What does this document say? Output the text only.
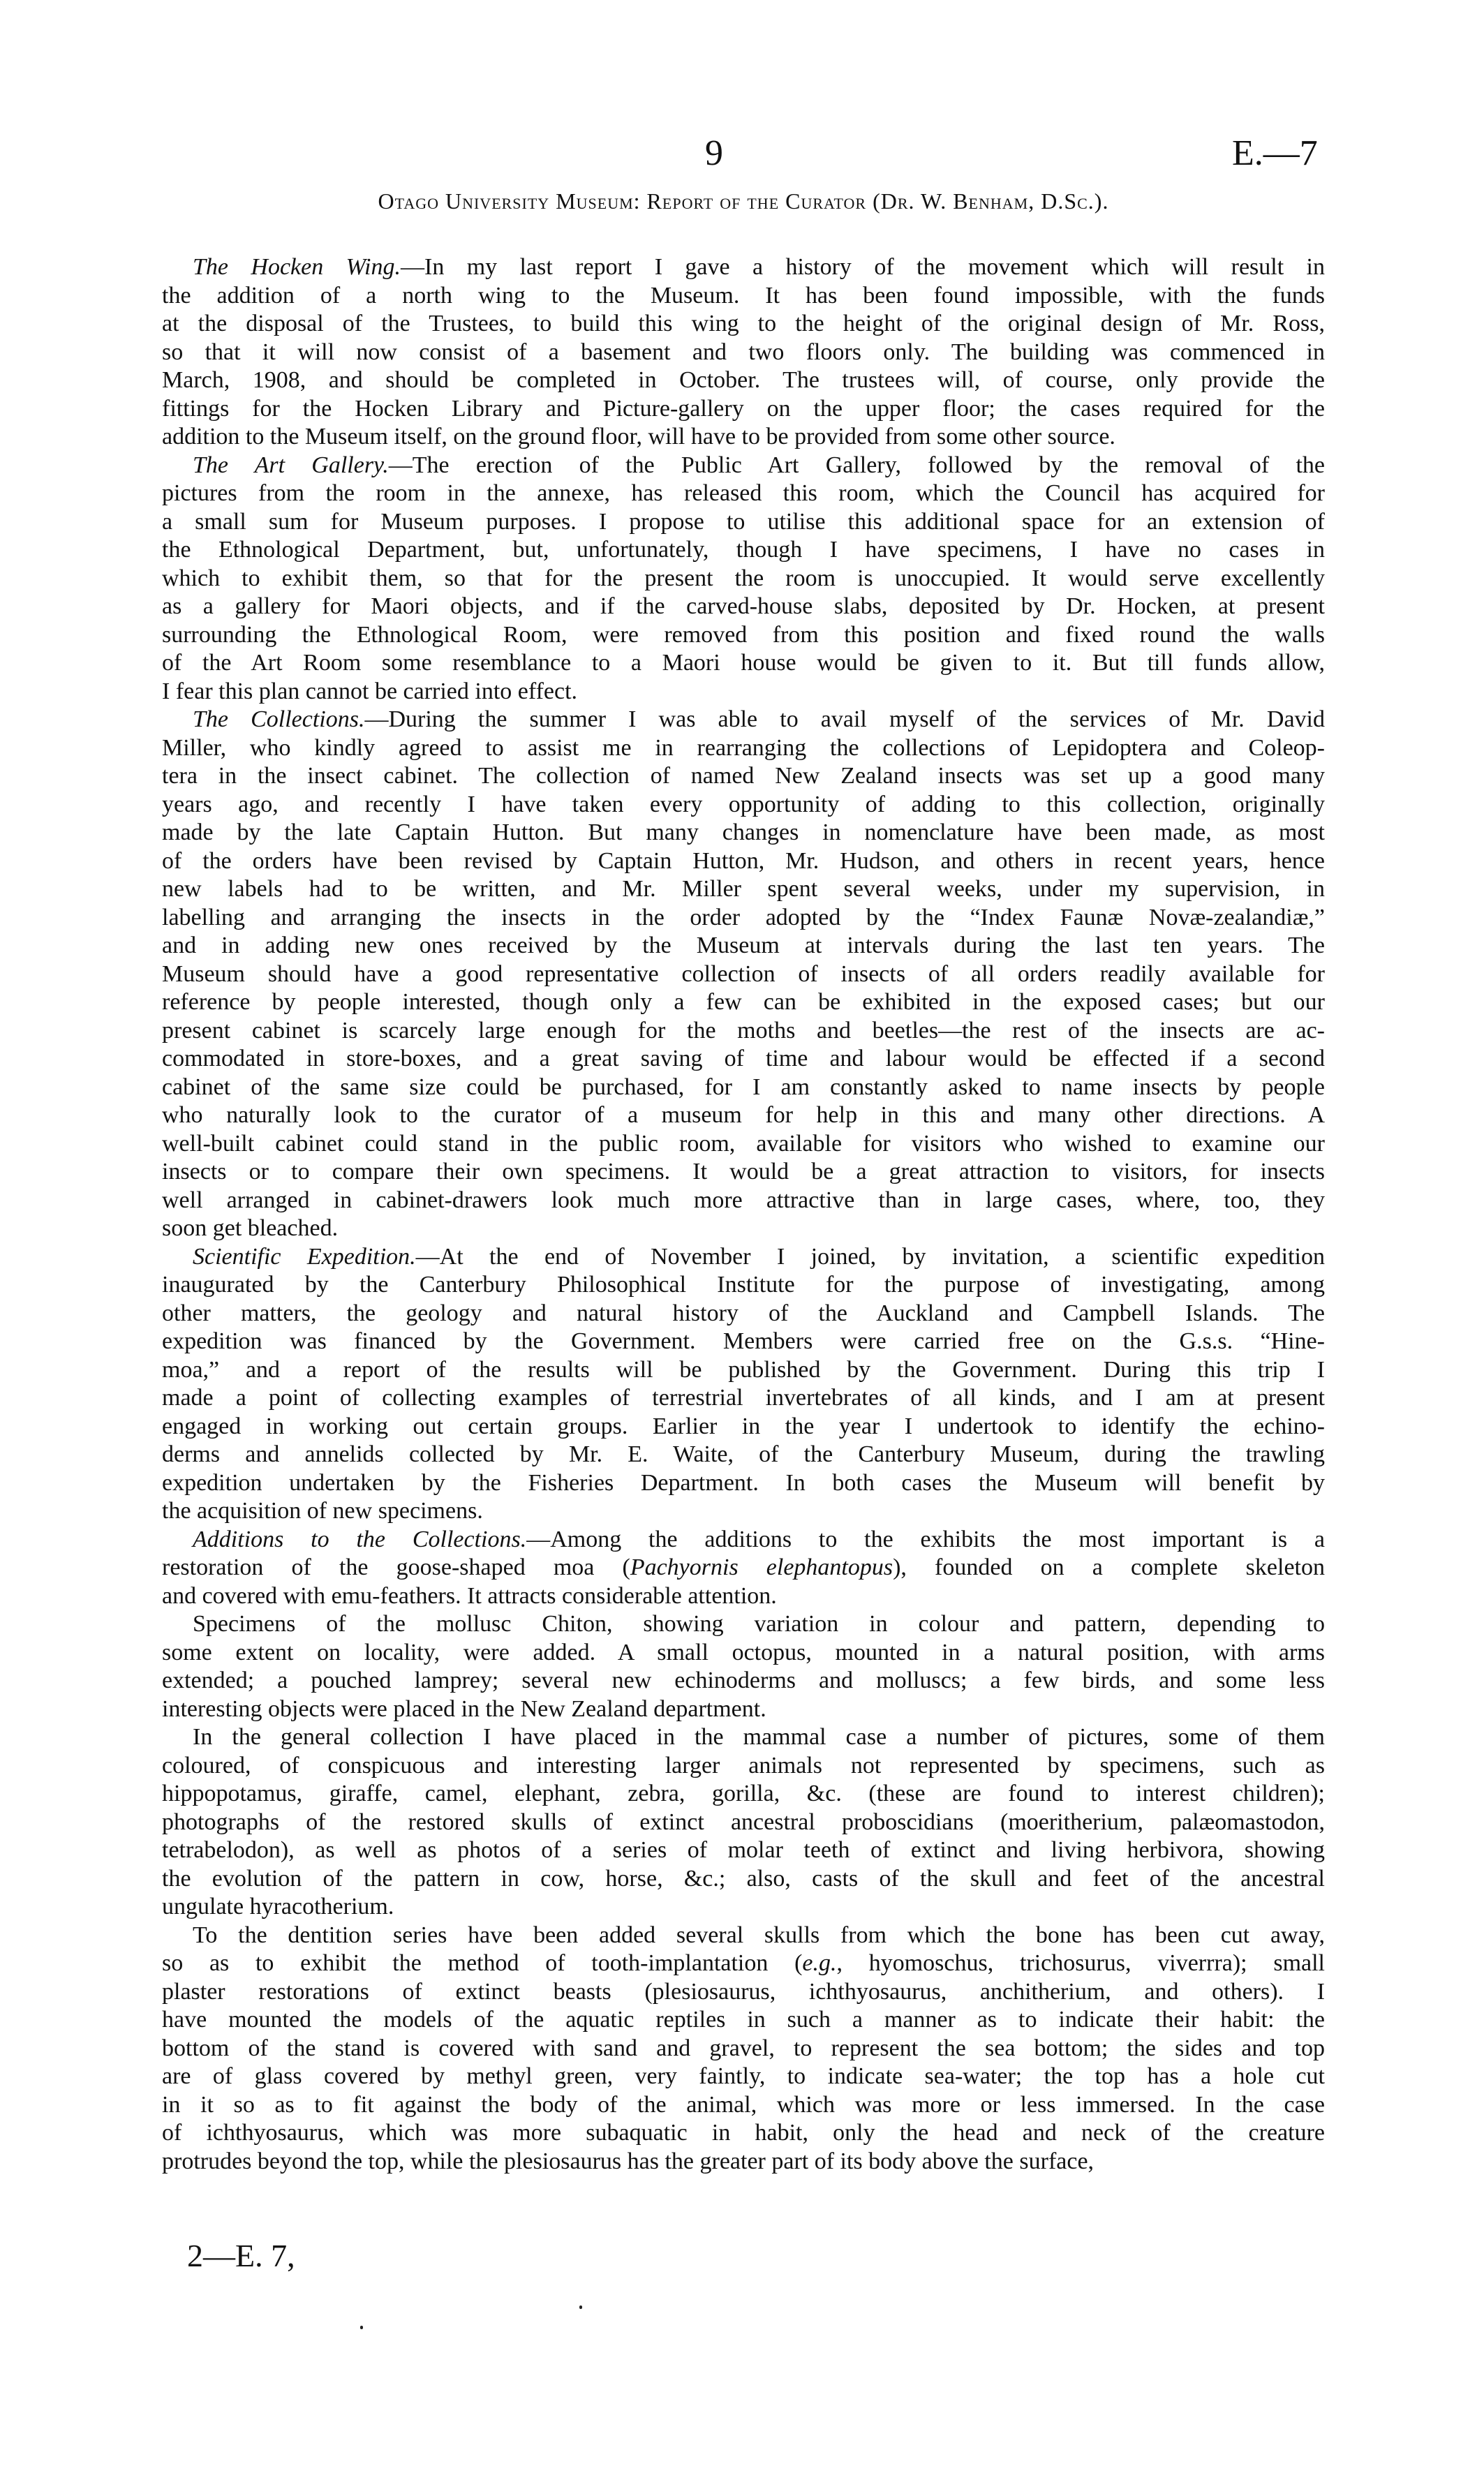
9	E.—7
Otago University Museum: Report of the Curator (Dr. W. Benham, D.Sc.).
The Hocken Wing.—In my last report I gave a history of the movement which will result in
the addition of a north wing to the Museum. It has been found impossible, with the funds
at the disposal of the Trustees, to build this wing to the height of the original design of Mr. Ross,
so that it will now consist of a basement and two floors only. The building was commenced in
March, 1908, and should be completed in October. The trustees will, of course, only provide the
fittings for the Hocken Library and Picture-gallery on the upper floor; the cases required for the
addition to the Museum itself, on the ground floor, will have to be provided from some other source.
The Art Gallery.—The erection of the Public Art Gallery, followed by the removal of the
pictures from the room in the annexe, has released this room, which the Council has acquired for
a small sum for Museum purposes. I propose to utilise this additional space for an extension of
the Ethnological Department, but, unfortunately, though I have specimens, I have no cases in
which to exhibit them, so that for the present the room is unoccupied. It would serve excellently
as a gallery for Maori objects, and if the carved-house slabs, deposited by Dr. Hocken, at present
surrounding the Ethnological Room, were removed from this position and fixed round the walls
of the Art Room some resemblance to a Maori house would be given to it. But till funds allow,
I fear this plan cannot be carried into effect.
The Collections.—During the summer I was able to avail myself of the services of Mr. David
Miller, who kindly agreed to assist me in rearranging the collections of Lepidoptera and Coleop-
tera in the insect cabinet. The collection of named New Zealand insects was set up a good many
years ago, and recently I have taken every opportunity of adding to this collection, originally
made by the late Captain Hutton. But many changes in nomenclature have been made, as most
of the orders have been revised by Captain Hutton, Mr. Hudson, and others in recent years, hence
new labels had to be written, and Mr. Miller spent several weeks, under my supervision, in
labelling and arranging the insects in the order adopted by the “Index Faunæ Novæ-zealandiæ,”
and in adding new ones received by the Museum at intervals during the last ten years. The
Museum should have a good representative collection of insects of all orders readily available for
reference by people interested, though only a few can be exhibited in the exposed cases; but our
present cabinet is scarcely large enough for the moths and beetles—the rest of the insects are ac-
commodated in store-boxes, and a great saving of time and labour would be effected if a second
cabinet of the same size could be purchased, for I am constantly asked to name insects by people
who naturally look to the curator of a museum for help in this and many other directions. A
well-built cabinet could stand in the public room, available for visitors who wished to examine our
insects or to compare their own specimens. It would be a great attraction to visitors, for insects
well arranged in cabinet-drawers look much more attractive than in large cases, where, too, they
soon get bleached.
Scientific Expedition.—At the end of November I joined, by invitation, a scientific expedition
inaugurated by the Canterbury Philosophical Institute for the purpose of investigating, among
other matters, the geology and natural history of the Auckland and Campbell Islands. The
expedition was financed by the Government. Members were carried free on the G.s.s. “Hine-
moa,” and a report of the results will be published by the Government. During this trip I
made a point of collecting examples of terrestrial invertebrates of all kinds, and I am at present
engaged in working out certain groups. Earlier in the year I undertook to identify the echino-
derms and annelids collected by Mr. E. Waite, of the Canterbury Museum, during the trawling
expedition undertaken by the Fisheries Department. In both cases the Museum will benefit by
the acquisition of new specimens.
Additions to the Collections.—Among the additions to the exhibits the most important is a
restoration of the goose-shaped moa (Pachyornis elephantopus), founded on a complete skeleton
and covered with emu-feathers. It attracts considerable attention.
Specimens of the mollusc Chiton, showing variation in colour and pattern, depending to
some extent on locality, were added. A small octopus, mounted in a natural position, with arms
extended; a pouched lamprey; several new echinoderms and molluscs; a few birds, and some less
interesting objects were placed in the New Zealand department.
In the general collection I have placed in the mammal case a number of pictures, some of them
coloured, of conspicuous and interesting larger animals not represented by specimens, such as
hippopotamus, giraffe, camel, elephant, zebra, gorilla, &c. (these are found to interest children);
photographs of the restored skulls of extinct ancestral proboscidians (moeritherium, palæomastodon,
tetrabelodon), as well as photos of a series of molar teeth of extinct and living herbivora, showing
the evolution of the pattern in cow, horse, &c.; also, casts of the skull and feet of the ancestral
ungulate hyracotherium.
To the dentition series have been added several skulls from which the bone has been cut away,
so as to exhibit the method of tooth-implantation (e.g., hyomoschus, trichosurus, viverrra); small
plaster restorations of extinct beasts (plesiosaurus, ichthyosaurus, anchitherium, and others). I
have mounted the models of the aquatic reptiles in such a manner as to indicate their habit: the
bottom of the stand is covered with sand and gravel, to represent the sea bottom; the sides and top
are of glass covered by methyl green, very faintly, to indicate sea-water; the top has a hole cut
in it so as to fit against the body of the animal, which was more or less immersed. In the case
of ichthyosaurus, which was more subaquatic in habit, only the head and neck of the creature
protrudes beyond the top, while the plesiosaurus has the greater part of its body above the surface,
2—E. 7,
